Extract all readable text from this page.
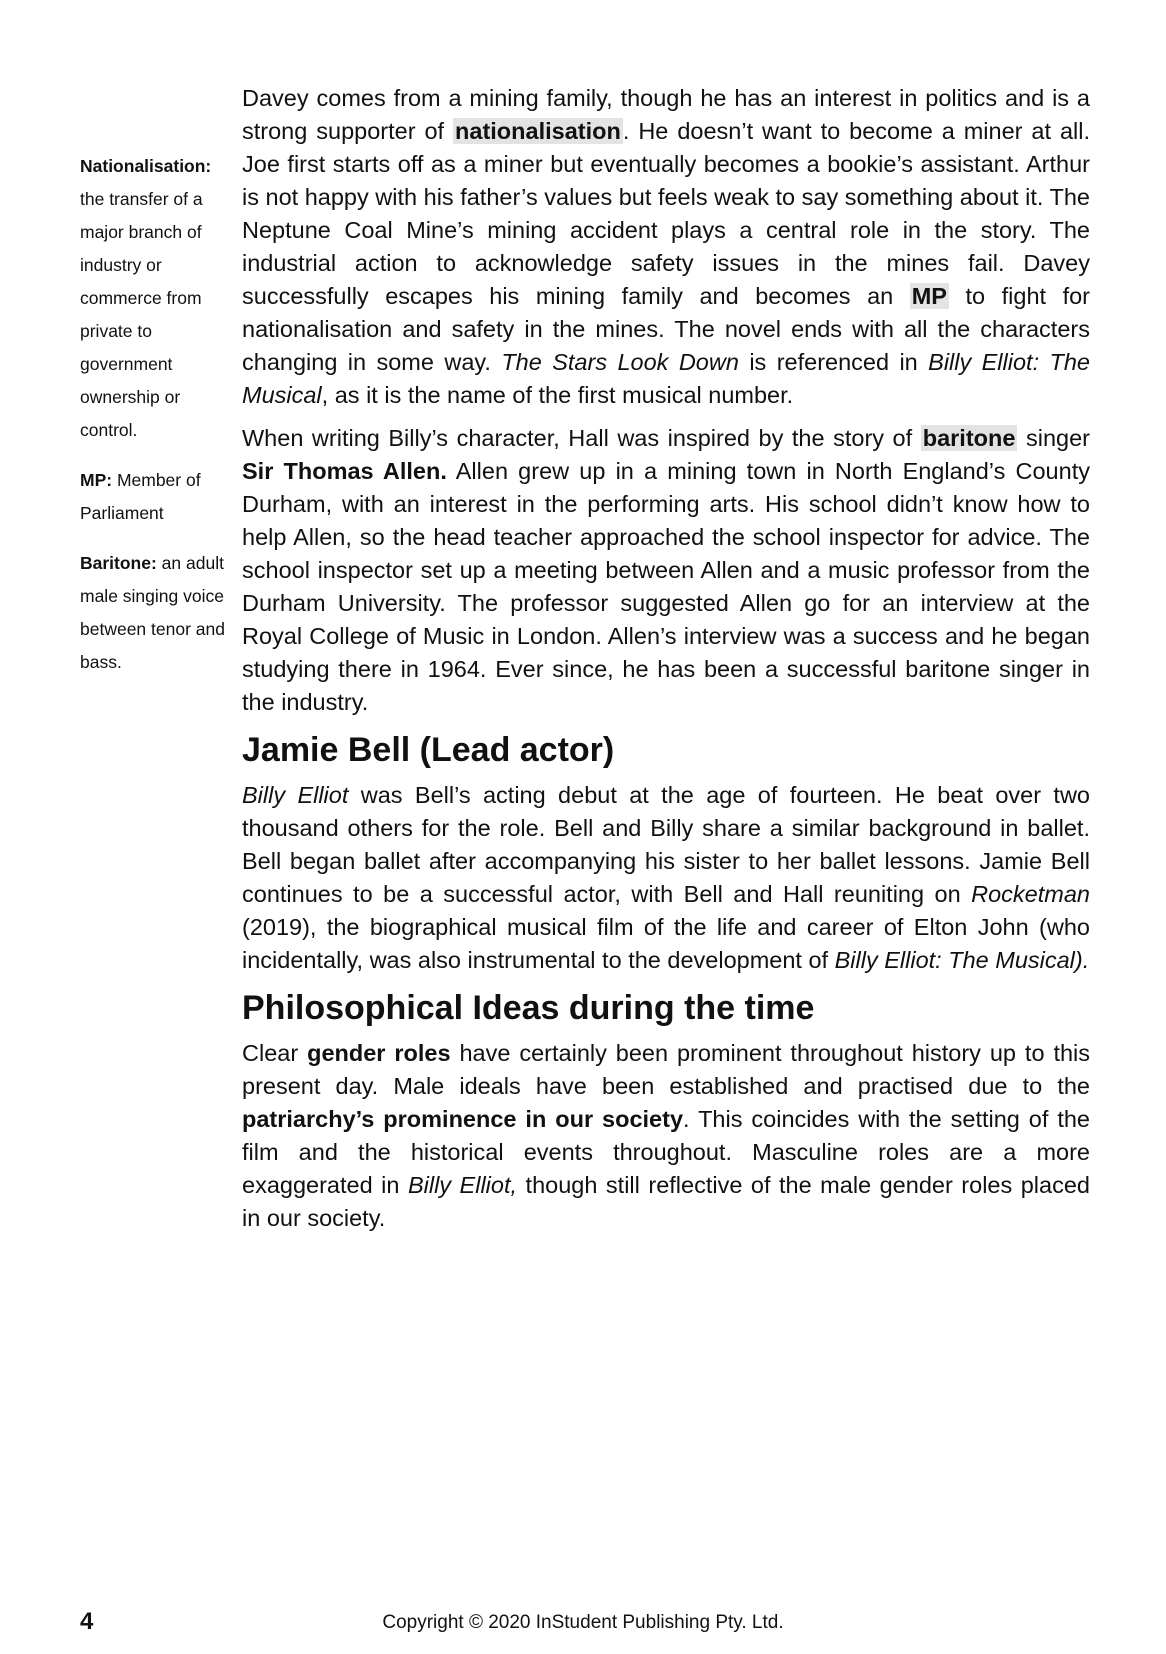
Nationalisation: the transfer of a major branch of industry or commerce from private to government ownership or control.
MP: Member of Parliament
Baritone: an adult male singing voice between tenor and bass.

Davey comes from a mining family, though he has an interest in politics and is a strong supporter of nationalisation. He doesn’t want to become a miner at all. Joe first starts off as a miner but eventually becomes a bookie’s assistant. Arthur is not happy with his father’s values but feels weak to say something about it. The Neptune Coal Mine’s mining accident plays a central role in the story. The industrial action to acknowledge safety issues in the mines fail. Davey successfully escapes his mining family and becomes an MP to fight for nationalisation and safety in the mines. The novel ends with all the characters changing in some way. The Stars Look Down is referenced in Billy Elliot: The Musical, as it is the name of the first musical number.

When writing Billy’s character, Hall was inspired by the story of baritone singer Sir Thomas Allen. Allen grew up in a mining town in North England’s County Durham, with an interest in the performing arts. His school didn’t know how to help Allen, so the head teacher approached the school inspector for advice. The school inspector set up a meeting between Allen and a music professor from the Durham University. The professor suggested Allen go for an interview at the Royal College of Music in London. Allen’s interview was a success and he began studying there in 1964. Ever since, he has been a successful baritone singer in the industry.

Jamie Bell (Lead actor)

Billy Elliot was Bell’s acting debut at the age of fourteen. He beat over two thousand others for the role. Bell and Billy share a similar background in ballet. Bell began ballet after accompanying his sister to her ballet lessons. Jamie Bell continues to be a successful actor, with Bell and Hall reuniting on Rocketman (2019), the biographical musical film of the life and career of Elton John (who incidentally, was also instrumental to the development of Billy Elliot: The Musical).

Philosophical Ideas during the time

Clear gender roles have certainly been prominent throughout history up to this present day. Male ideals have been established and practised due to the patriarchy’s prominence in our society. This coincides with the setting of the film and the historical events throughout. Masculine roles are a more exaggerated in Billy Elliot, though still reflective of the male gender roles placed in our society.

4	Copyright © 2020 InStudent Publishing Pty. Ltd.
